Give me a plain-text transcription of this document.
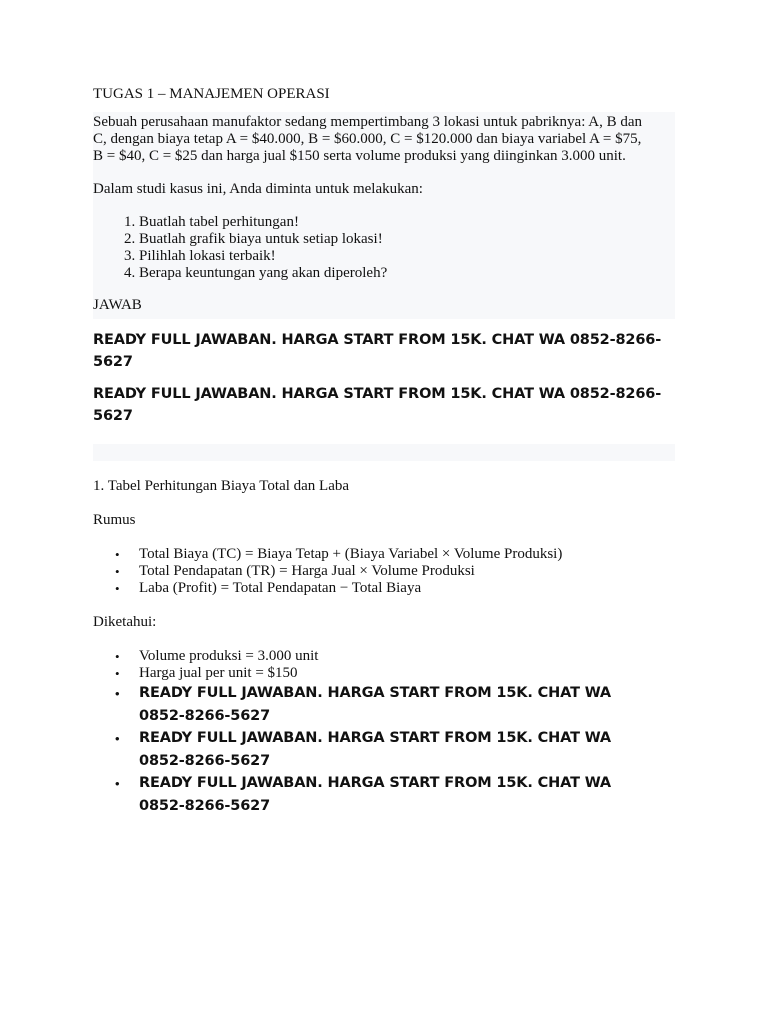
TUGAS 1 – MANAJEMEN OPERASI

Sebuah perusahaan manufaktor sedang mempertimbang 3 lokasi untuk pabriknya: A, B dan

C, dengan biaya tetap A = $40.000, B = $60.000, C = $120.000 dan biaya variabel A = $75,

B = $40, C = $25 dan harga jual $150 serta volume produksi yang diinginkan 3.000 unit.

Dalam studi kasus ini, Anda diminta untuk melakukan:

1. Buatlah tabel perhitungan!
2. Buatlah grafik biaya untuk setiap lokasi!
3. Pilihlah lokasi terbaik!
4. Berapa keuntungan yang akan diperoleh?

JAWAB

READY FULL JAWABAN. HARGA START FROM 15K. CHAT WA 0852-8266-5627

READY FULL JAWABAN. HARGA START FROM 15K. CHAT WA 0852-8266-5627

1. Tabel Perhitungan Biaya Total dan Laba

Rumus

• Total Biaya (TC) = Biaya Tetap + (Biaya Variabel × Volume Produksi)
• Total Pendapatan (TR) = Harga Jual × Volume Produksi
• Laba (Profit) = Total Pendapatan − Total Biaya

Diketahui:

• Volume produksi = 3.000 unit
• Harga jual per unit = $150
• READY FULL JAWABAN. HARGA START FROM 15K. CHAT WA 0852-8266-5627
• READY FULL JAWABAN. HARGA START FROM 15K. CHAT WA 0852-8266-5627
• READY FULL JAWABAN. HARGA START FROM 15K. CHAT WA 0852-8266-5627
